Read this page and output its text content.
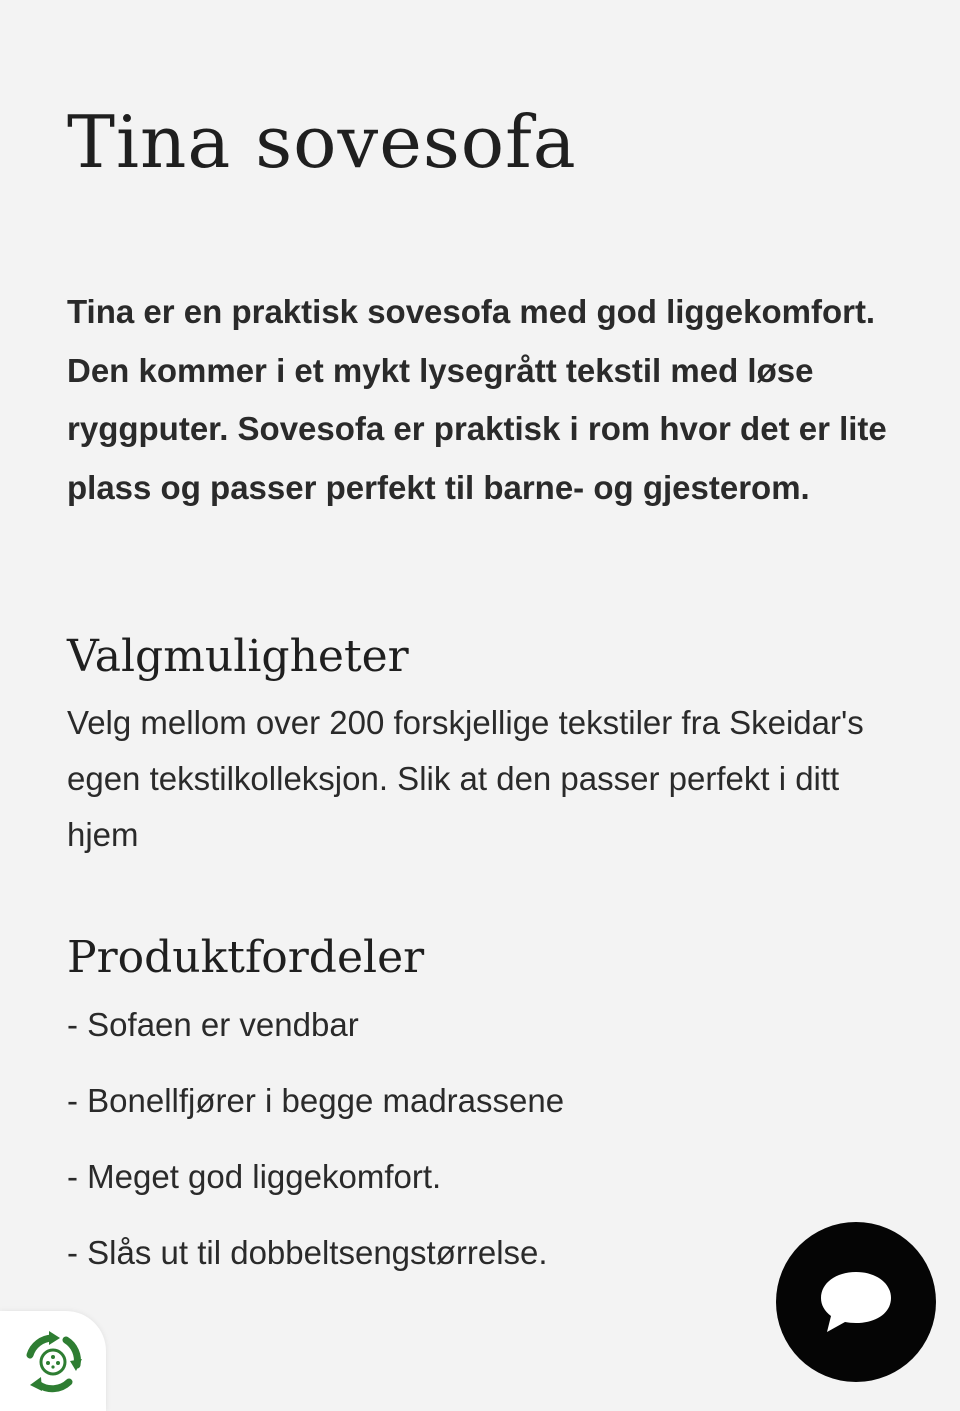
Tina sovesofa

Tina er en praktisk sovesofa med god liggekomfort. Den kommer i et mykt lysegrått tekstil med løse ryggputer. Sovesofa er praktisk i rom hvor det er lite plass og passer perfekt til barne- og gjesterom.

Valgmuligheter

Velg mellom over 200 forskjellige tekstiler fra Skeidar's egen tekstilkolleksjon. Slik at den passer perfekt i ditt hjem

Produktfordeler
- Sofaen er vendbar
- Bonellfjører i begge madrassene
- Meget god liggekomfort.
- Slås ut til dobbeltsengstørrelse.
